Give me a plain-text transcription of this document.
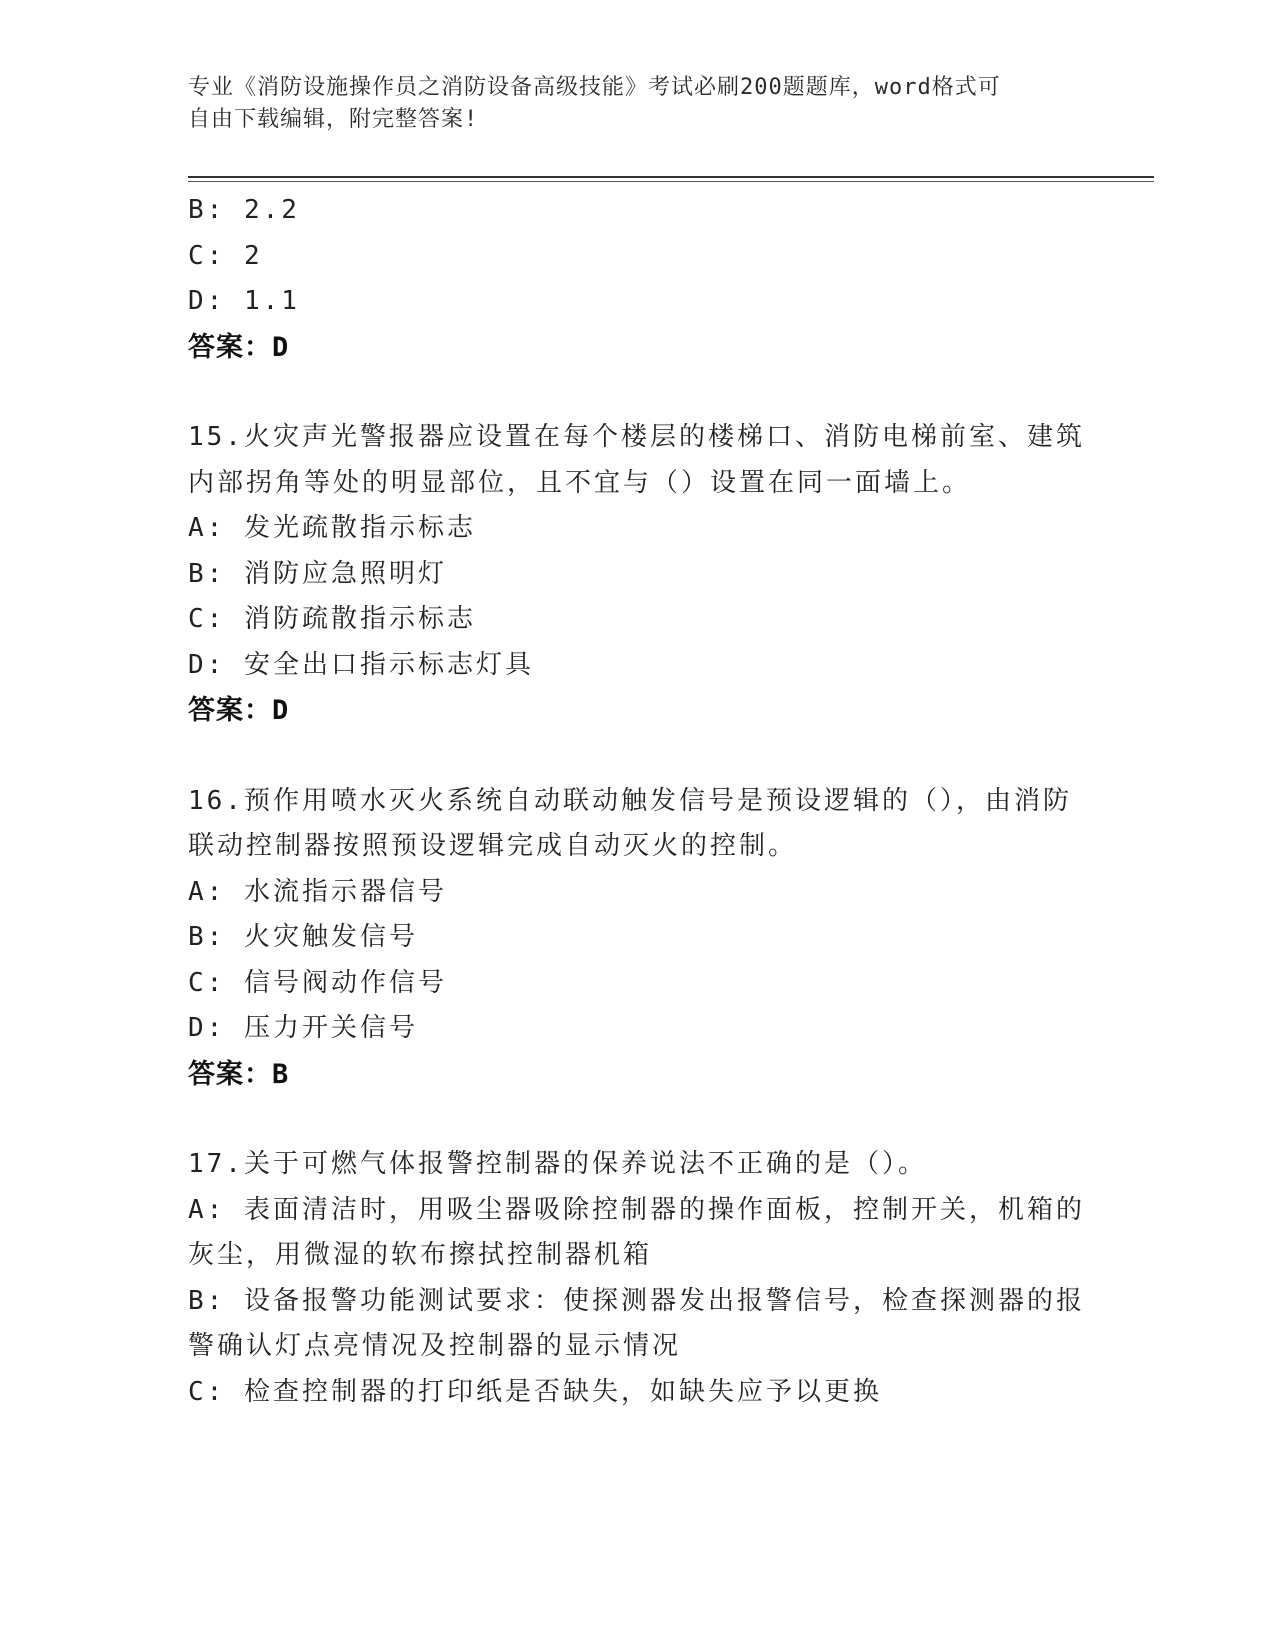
专业《消防设施操作员之消防设备高级技能》考试必刷200题题库，word格式可
自由下载编辑，附完整答案!
B: 2.2
C: 2
D: 1.1
答案：D
15.火灾声光警报器应设置在每个楼层的楼梯口、消防电梯前室、建筑
内部拐角等处的明显部位，且不宜与（）设置在同一面墙上。
A: 发光疏散指示标志
B: 消防应急照明灯
C: 消防疏散指示标志
D: 安全出口指示标志灯具
答案：D
16.预作用喷水灭火系统自动联动触发信号是预设逻辑的（），由消防
联动控制器按照预设逻辑完成自动灭火的控制。
A: 水流指示器信号
B: 火灾触发信号
C: 信号阀动作信号
D: 压力开关信号
答案：B
17.关于可燃气体报警控制器的保养说法不正确的是（）。
A: 表面清洁时，用吸尘器吸除控制器的操作面板，控制开关，机箱的
灰尘，用微湿的软布擦拭控制器机箱
B: 设备报警功能测试要求：使探测器发出报警信号，检查探测器的报
警确认灯点亮情况及控制器的显示情况
C: 检查控制器的打印纸是否缺失，如缺失应予以更换
